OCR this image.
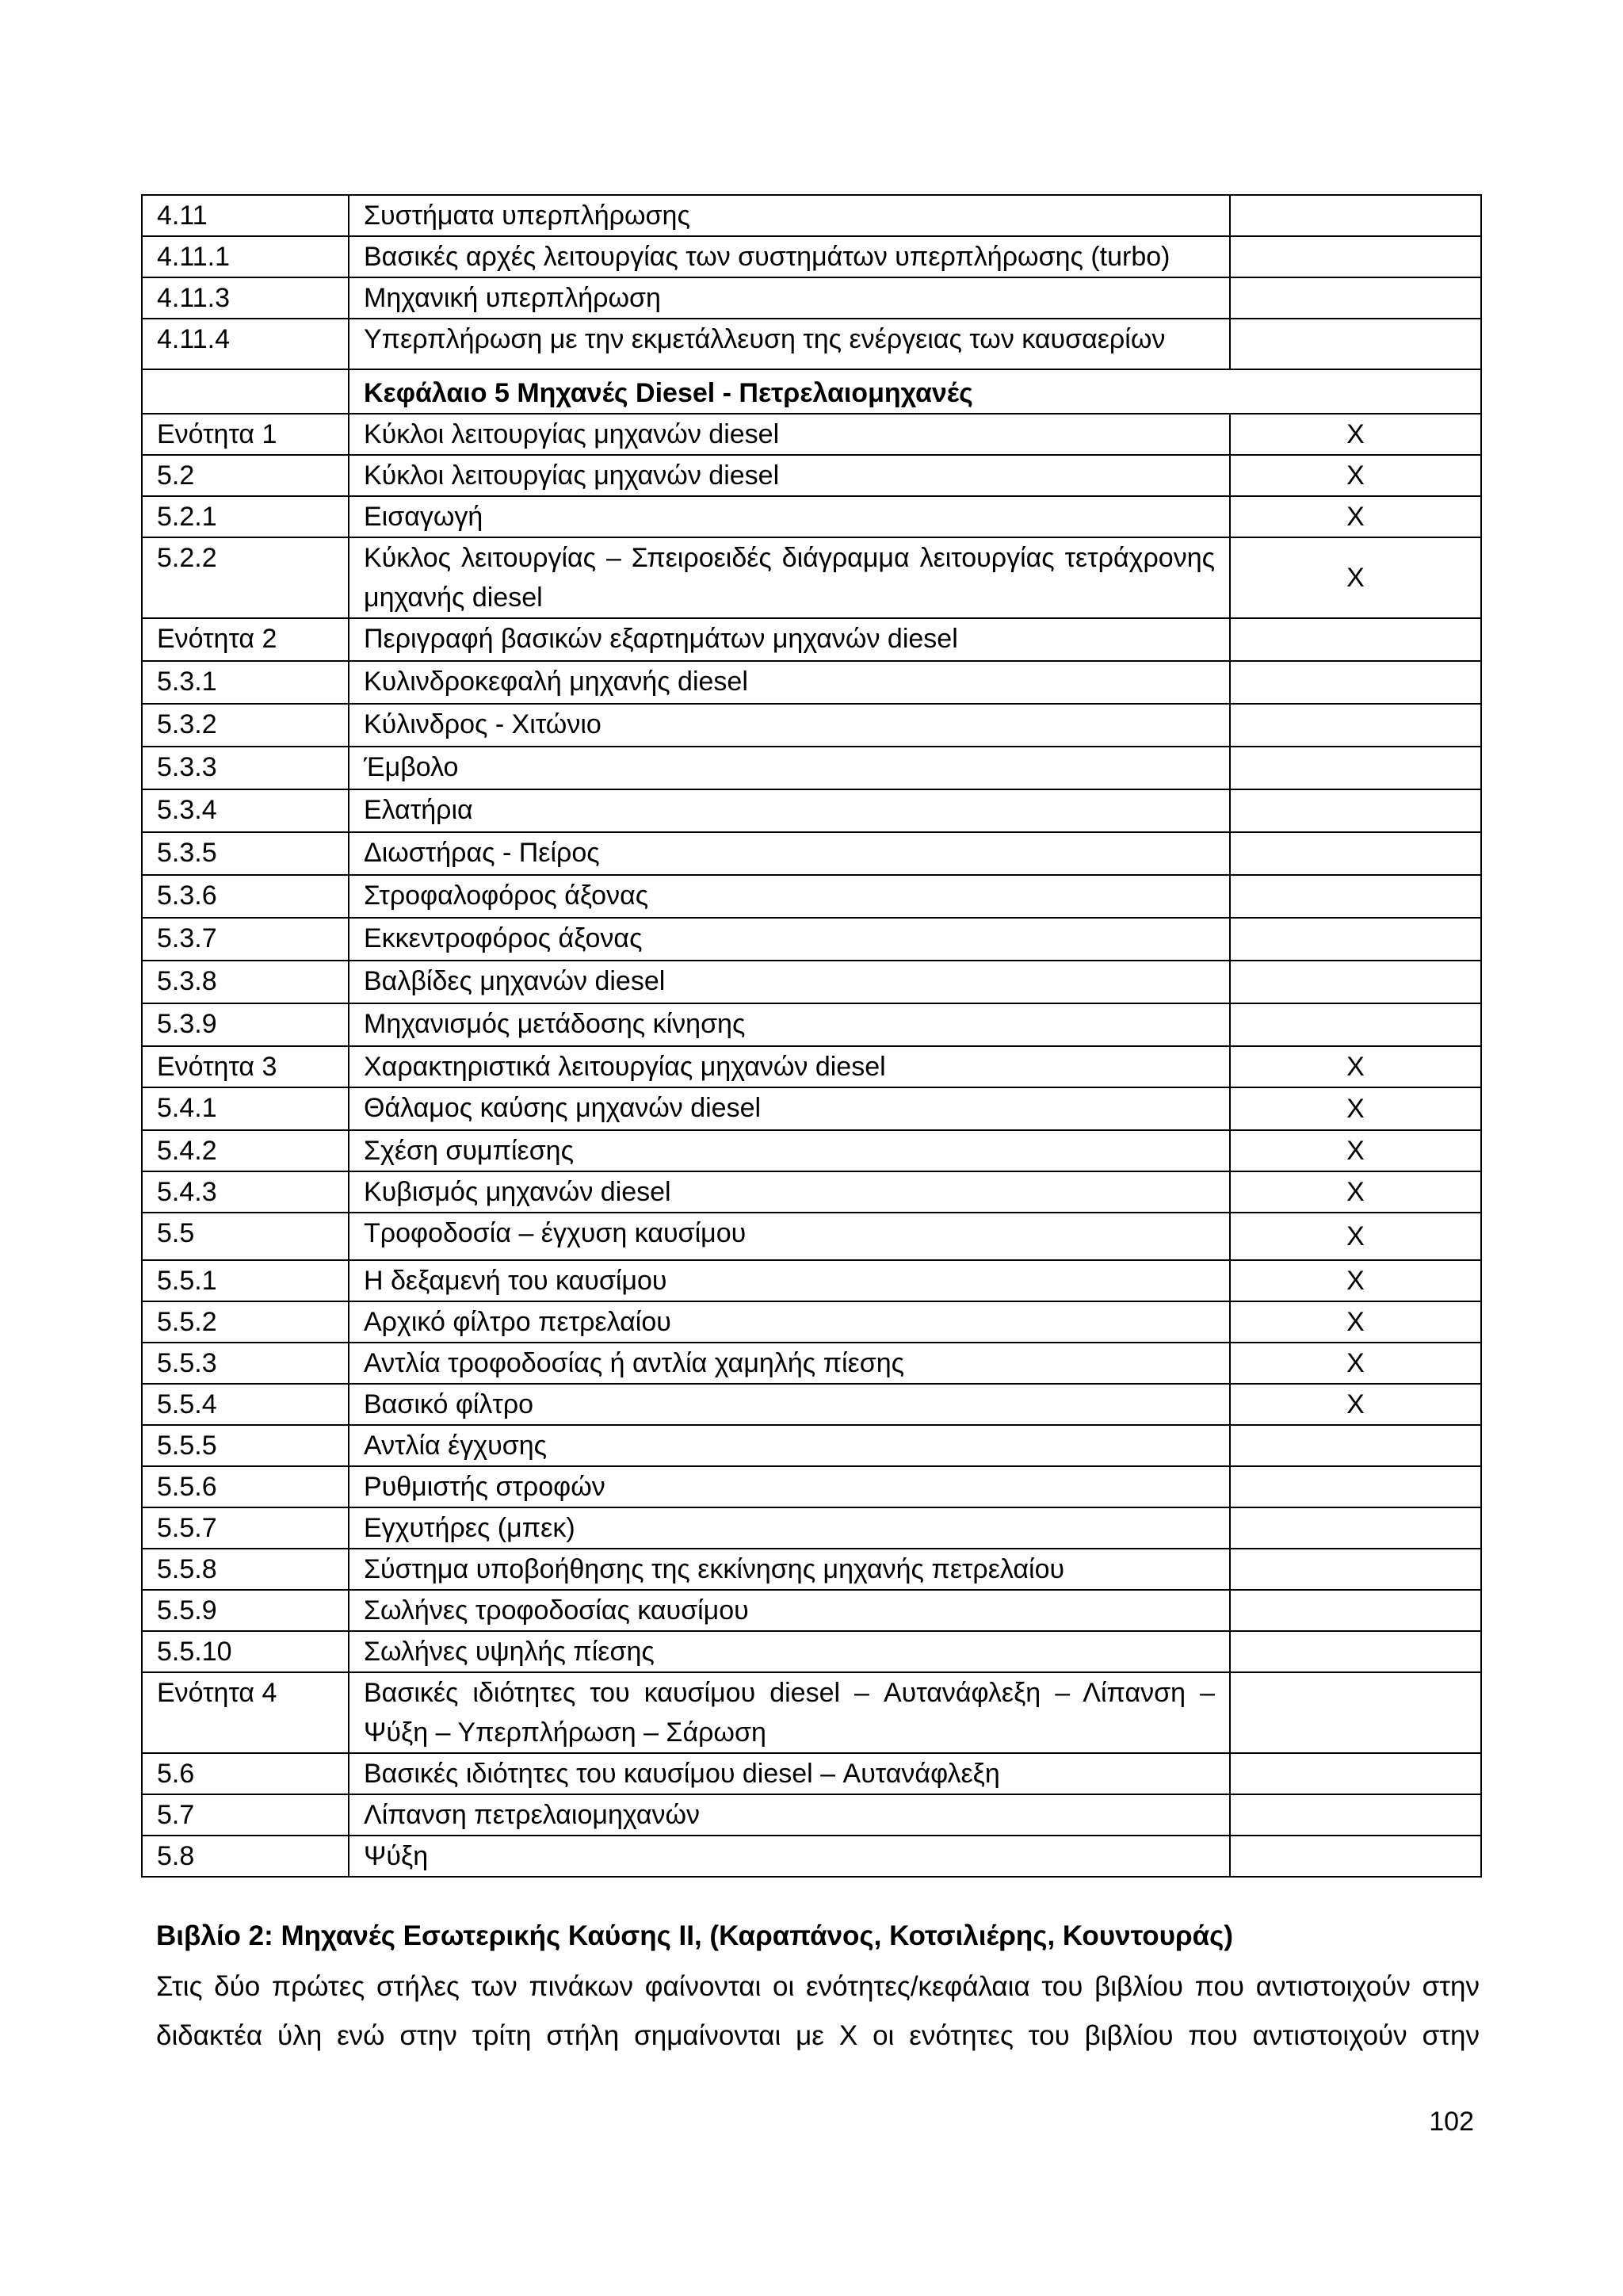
4.11	Συστήματα υπερπλήρωσης	
4.11.1	Βασικές αρχές λειτουργίας των συστημάτων υπερπλήρωσης (turbo)	
4.11.3	Μηχανική υπερπλήρωση	
4.11.4	Υπερπλήρωση με την εκμετάλλευση της ενέργειας των καυσαερίων	
	Κεφάλαιο 5 Μηχανές Diesel - Πετρελαιομηχανές	
Ενότητα 1	Κύκλοι λειτουργίας μηχανών diesel	X
5.2	Κύκλοι λειτουργίας μηχανών diesel	X
5.2.1	Εισαγωγή	X
5.2.2	Κύκλος λειτουργίας – Σπειροειδές διάγραμμα λειτουργίας τετράχρονης μηχανής diesel	X
Ενότητα 2	Περιγραφή βασικών εξαρτημάτων μηχανών diesel	
5.3.1	Κυλινδροκεφαλή μηχανής diesel	
5.3.2	Κύλινδρος - Χιτώνιο	
5.3.3	Έμβολο	
5.3.4	Ελατήρια	
5.3.5	Διωστήρας - Πείρος	
5.3.6	Στροφαλοφόρος άξονας	
5.3.7	Εκκεντροφόρος άξονας	
5.3.8	Βαλβίδες μηχανών diesel	
5.3.9	Μηχανισμός μετάδοσης κίνησης	
Ενότητα 3	Χαρακτηριστικά λειτουργίας μηχανών diesel	X
5.4.1	Θάλαμος καύσης μηχανών diesel	X
5.4.2	Σχέση συμπίεσης	X
5.4.3	Κυβισμός μηχανών diesel	X
5.5	Τροφοδοσία – έγχυση καυσίμου	X
5.5.1	Η δεξαμενή του καυσίμου	X
5.5.2	Αρχικό φίλτρο πετρελαίου	X
5.5.3	Αντλία τροφοδοσίας ή αντλία χαμηλής πίεσης	X
5.5.4	Βασικό φίλτρο	X
5.5.5	Αντλία έγχυσης	
5.5.6	Ρυθμιστής στροφών	
5.5.7	Εγχυτήρες (μπεκ)	
5.5.8	Σύστημα υποβοήθησης της εκκίνησης μηχανής πετρελαίου	
5.5.9	Σωλήνες τροφοδοσίας καυσίμου	
5.5.10	Σωλήνες υψηλής πίεσης	
Ενότητα 4	Βασικές ιδιότητες του καυσίμου diesel – Αυτανάφλεξη – Λίπανση – Ψύξη – Υπερπλήρωση – Σάρωση	
5.6	Βασικές ιδιότητες του καυσίμου diesel – Αυτανάφλεξη	
5.7	Λίπανση πετρελαιομηχανών	
5.8	Ψύξη	

Βιβλίο 2: Μηχανές Εσωτερικής Καύσης ΙΙ, (Καραπάνος, Κοτσιλιέρης, Κουντουράς)

Στις δύο πρώτες στήλες των πινάκων φαίνονται οι ενότητες/κεφάλαια του βιβλίου που αντιστοιχούν στην διδακτέα ύλη ενώ στην τρίτη στήλη σημαίνονται με X οι ενότητες του βιβλίου που αντιστοιχούν στην

102
